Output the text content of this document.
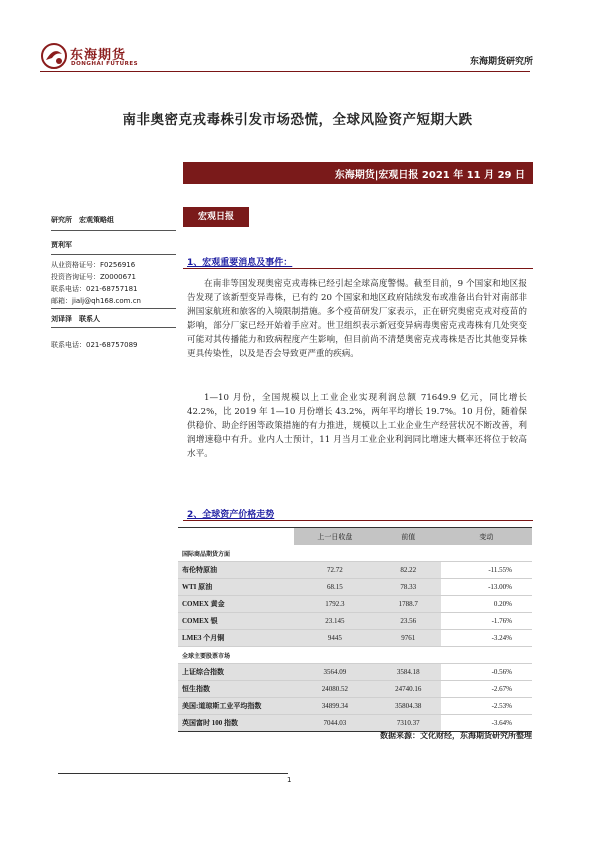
东海期货
DONGHAI FUTURES	东海期货研究所
南非奥密克戎毒株引发市场恐慌，全球风险资产短期大跌
东海期货|宏观日报 2021 年 11 月 29 日
研究所　宏观策略组
贾利军
从业资格证号：F0256916
投资咨询证号：Z0000671
联系电话：021-68757181
邮箱：jialj@qh168.com.cn
刘译泽　联系人
联系电话：021-68757089
宏观日报
1、宏观重要消息及事件：
在南非等国发现奥密克戎毒株已经引起全球高度警惕。截至目前，9 个国家和地区报告发现了该新型变异毒株，已有约 20 个国家和地区政府陆续发布或准备出台针对南部非洲国家航班和旅客的入境限制措施。多个疫苗研发厂家表示，正在研究奥密克戎对疫苗的影响，部分厂家已经开始着手应对。世卫组织表示新冠变异病毒奥密克戎毒株有几处突变可能对其传播能力和致病程度产生影响，但目前尚不清楚奥密克戎毒株是否比其他变异株更具传染性，以及是否会导致更严重的疾病。
1—10 月份，全国规模以上工业企业实现利润总额 71649.9 亿元，同比增长 42.2%，比 2019 年 1—10 月份增长 43.2%，两年平均增长 19.7%。10 月份，随着保供稳价、助企纾困等政策措施的有力推进，规模以上工业企业生产经营状况不断改善，利润增速稳中有升。业内人士预计，11 月当月工业企业利润同比增速大概率还将位于较高水平。
2、全球资产价格走势
	上一日收盘	前值	变动
国际商品期货方面			
布伦特原油	72.72	82.22	-11.55%
WTI 原油	68.15	78.33	-13.00%
COMEX 黄金	1792.3	1788.7	0.20%
COMEX 银	23.145	23.56	-1.76%
LME3 个月铜	9445	9761	-3.24%
全球主要股票市场			
上证综合指数	3564.09	3584.18	-0.56%
恒生指数	24080.52	24740.16	-2.67%
美国:道琼斯工业平均指数	34899.34	35804.38	-2.53%
英国富时 100 指数	7044.03	7310.37	-3.64%
数据来源：文化财经，东海期货研究所整理
1
